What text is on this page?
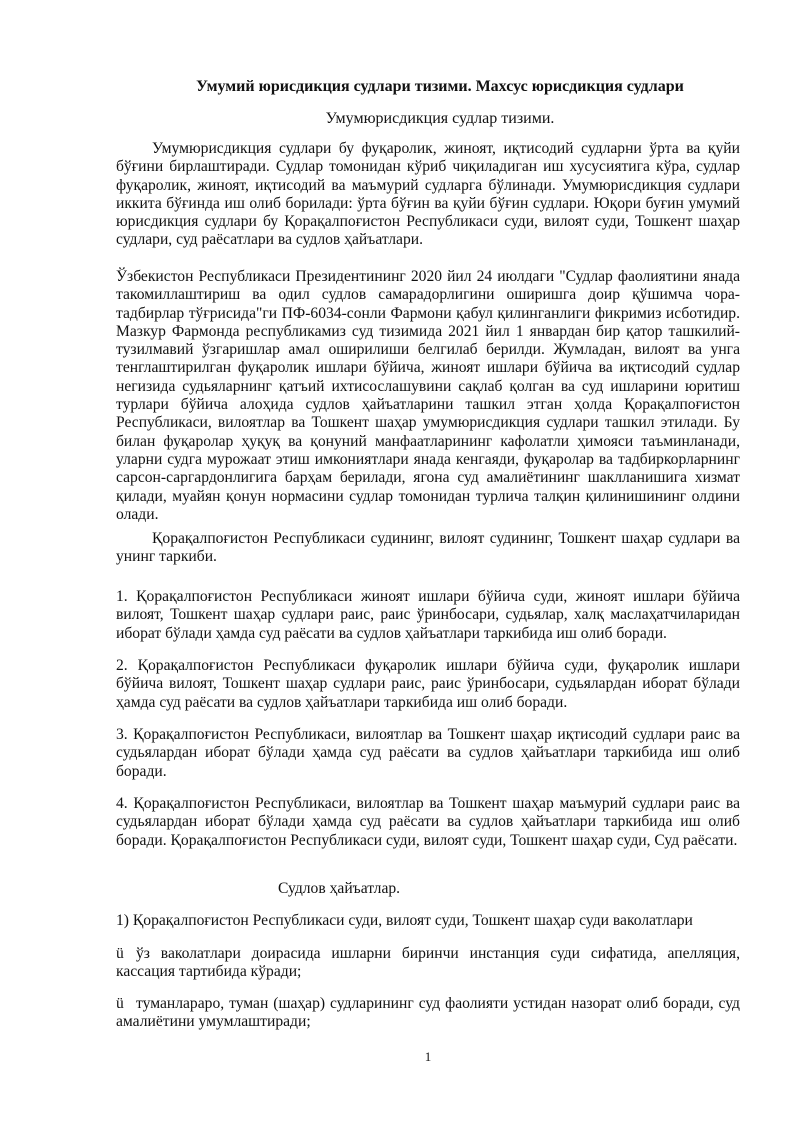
Умумий юрисдикция судлари тизими. Махсус юрисдикция судлари
Умумюрисдикция судлар тизими.

Умумюрисдикция судлари бу фуқаролик, жиноят, иқтисодий судларни ўрта ва қуйи бўғини бирлаштиради. Судлар томонидан кўриб чиқиладиган иш хусусиятига кўра, судлар фуқаролик, жиноят, иқтисодий ва маъмурий судларга бўлинади. Умумюрисдикция судлари иккита бўғинда иш олиб борилади: ўрта бўғин ва қуйи бўғин судлари. Юқори буғин умумий юрисдикция судлари бу Қорақалпоғистон Республикаси суди, вилоят суди, Тошкент шаҳар судлари, суд раёсатлари ва судлов ҳайъатлари.

Ўзбекистон Республикаси Президентининг 2020 йил 24 июлдаги "Судлар фаолиятини янада такомиллаштириш ва одил судлов самарадорлигини оширишга доир қўшимча чора-тадбирлар тўғрисида"ги ПФ-6034-сонли Фармони қабул қилинганлиги фикримиз исботидир. Мазкур Фармонда республикамиз суд тизимида 2021 йил 1 январдан бир қатор ташкилий-тузилмавий ўзгаришлар амал оширилиши белгилаб берилди. Жумладан, вилоят ва унга тенглаштирилган фуқаролик ишлари бўйича, жиноят ишлари бўйича ва иқтисодий судлар негизида судьяларнинг қатъий ихтисослашувини сақлаб қолган ва суд ишларини юритиш турлари бўйича алоҳида судлов ҳайъатларини ташкил этган ҳолда Қорақалпоғистон Республикаси, вилоятлар ва Тошкент шаҳар умумюрисдикция судлари ташкил этилади. Бу билан фуқаролар ҳуқуқ ва қонуний манфаатларининг кафолатли ҳимояси таъминланади, уларни судга мурожаат этиш имкониятлари янада кенгаяди, фуқаролар ва тадбиркорларнинг сарсон-саргардонлигига барҳам берилади, ягона суд амалиётининг шаклланишига хизмат қилади, муайян қонун нормасини судлар томонидан турлича талқин қилинишининг олдини олади.

Қорақалпоғистон Республикаси судининг, вилоят судининг, Тошкент шаҳар судлари ва унинг таркиби.

1. Қорақалпоғистон Республикаси жиноят ишлари бўйича суди, жиноят ишлари бўйича вилоят, Тошкент шаҳар судлари раис, раис ўринбосари, судьялар, халқ маслаҳатчиларидан иборат бўлади ҳамда суд раёсати ва судлов ҳайъатлари таркибида иш олиб боради.

2. Қорақалпоғистон Республикаси фуқаролик ишлари бўйича суди, фуқаролик ишлари бўйича вилоят, Тошкент шаҳар судлари раис, раис ўринбосари, судьялардан иборат бўлади ҳамда суд раёсати ва судлов ҳайъатлари таркибида иш олиб боради.

3. Қорақалпоғистон Республикаси, вилоятлар ва Тошкент шаҳар иқтисодий судлари раис ва судьялардан иборат бўлади ҳамда суд раёсати ва судлов ҳайъатлари таркибида иш олиб боради.

4. Қорақалпоғистон Республикаси, вилоятлар ва Тошкент шаҳар маъмурий судлари раис ва судьялардан иборат бўлади ҳамда суд раёсати ва судлов ҳайъатлари таркибида иш олиб боради. Қорақалпоғистон Республикаси суди, вилоят суди, Тошкент шаҳар суди, Суд раёсати.

Судлов ҳайъатлар.

1) Қорақалпоғистон Республикаси суди, вилоят суди, Тошкент шаҳар суди ваколатлари

ü ўз ваколатлари доирасида ишларни биринчи инстанция суди сифатида, апелляция, кассация тартибида кўради;

ü туманлараро, туман (шаҳар) судларининг суд фаолияти устидан назорат олиб боради, суд амалиётини умумлаштиради;

1
